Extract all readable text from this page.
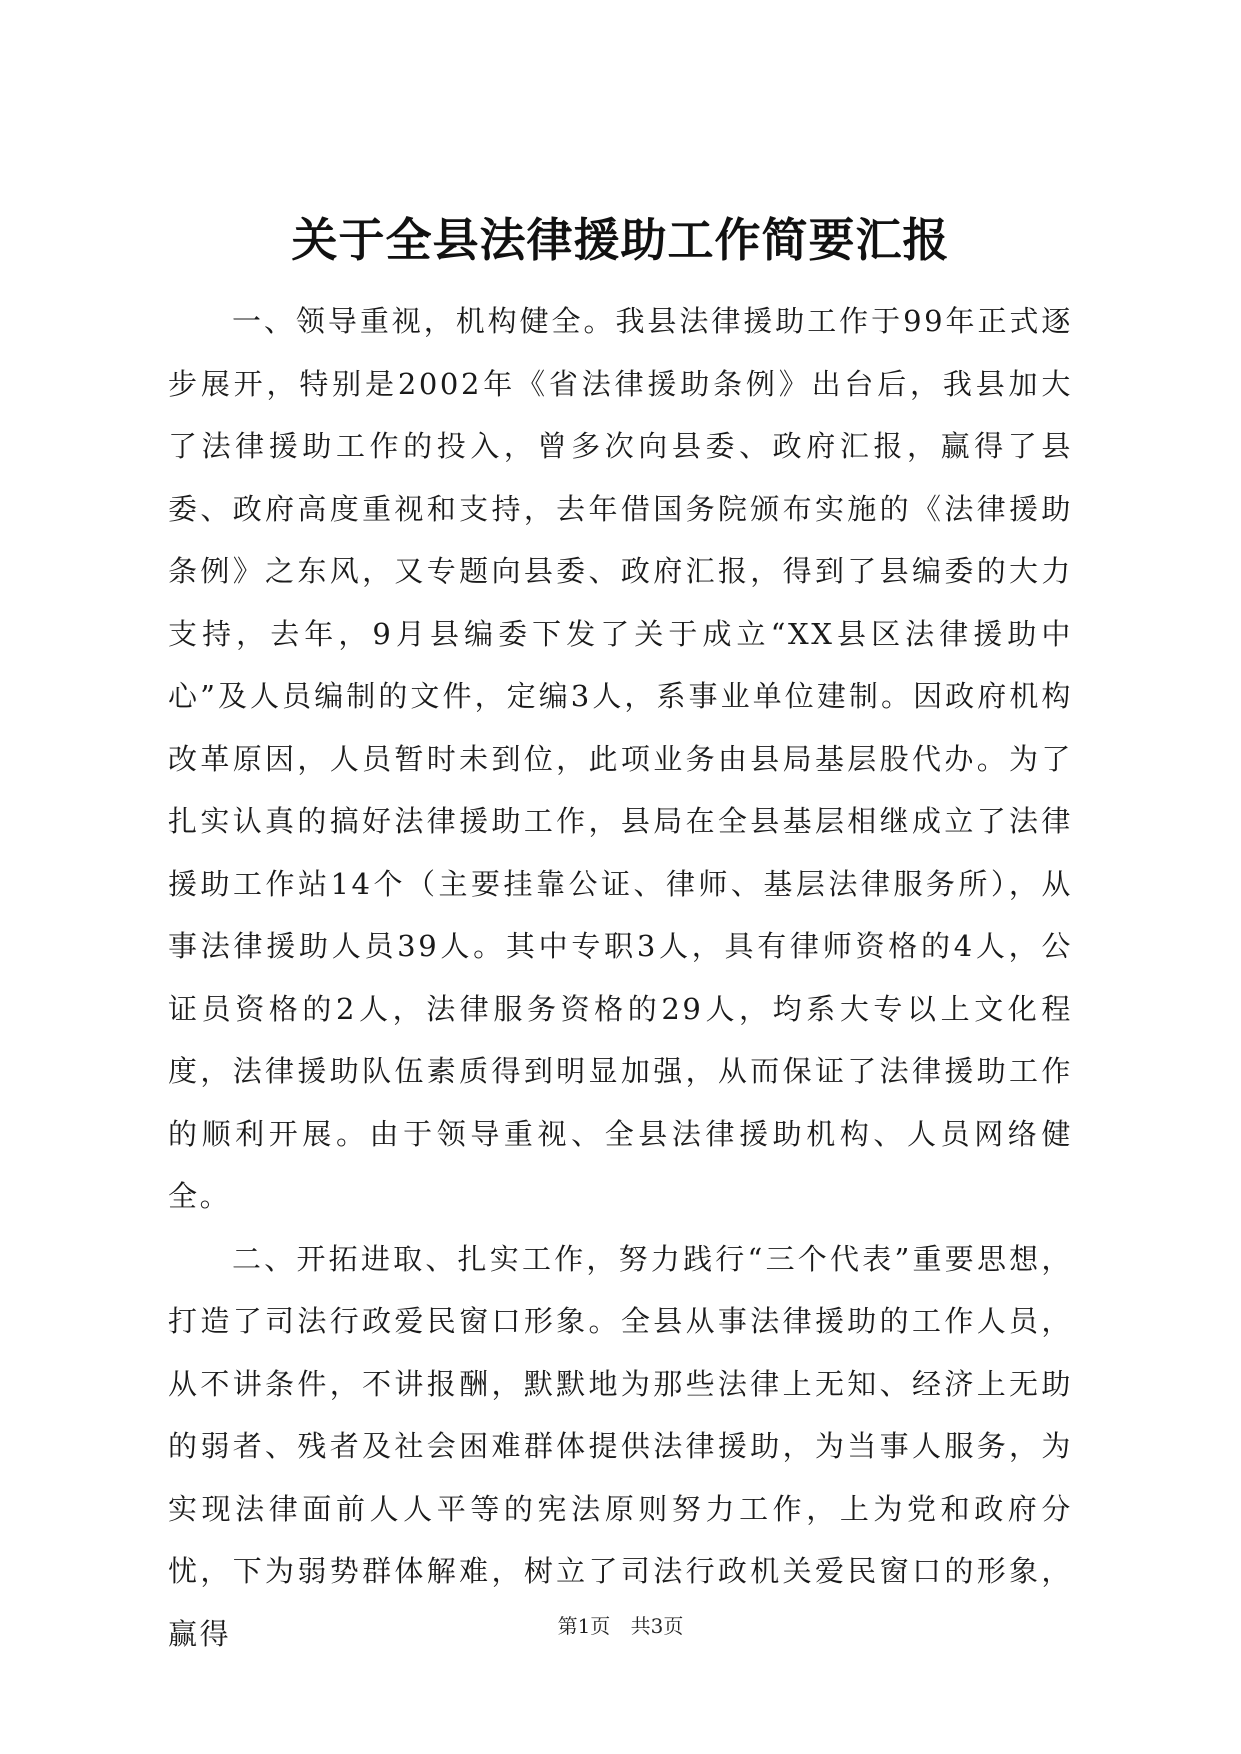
关于全县法律援助工作简要汇报

一、领导重视，机构健全。我县法律援助工作于99年正式逐步展开，特别是2002年《省法律援助条例》出台后，我县加大了法律援助工作的投入，曾多次向县委、政府汇报，赢得了县委、政府高度重视和支持，去年借国务院颁布实施的《法律援助条例》之东风，又专题向县委、政府汇报，得到了县编委的大力支持，去年，9月县编委下发了关于成立“XX县区法律援助中心”及人员编制的文件，定编3人，系事业单位建制。因政府机构改革原因，人员暂时未到位，此项业务由县局基层股代办。为了扎实认真的搞好法律援助工作，县局在全县基层相继成立了法律援助工作站14个（主要挂靠公证、律师、基层法律服务所），从事法律援助人员39人。其中专职3人，具有律师资格的4人，公证员资格的2人，法律服务资格的29人，均系大专以上文化程度，法律援助队伍素质得到明显加强，从而保证了法律援助工作的顺利开展。由于领导重视、全县法律援助机构、人员网络健全。

二、开拓进取、扎实工作，努力践行“三个代表”重要思想，打造了司法行政爱民窗口形象。全县从事法律援助的工作人员，从不讲条件，不讲报酬，默默地为那些法律上无知、经济上无助的弱者、残者及社会困难群体提供法律援助，为当事人服务，为实现法律面前人人平等的宪法原则努力工作，上为党和政府分忧，下为弱势群体解难，树立了司法行政机关爱民窗口的形象，赢得	第1页 共3页
